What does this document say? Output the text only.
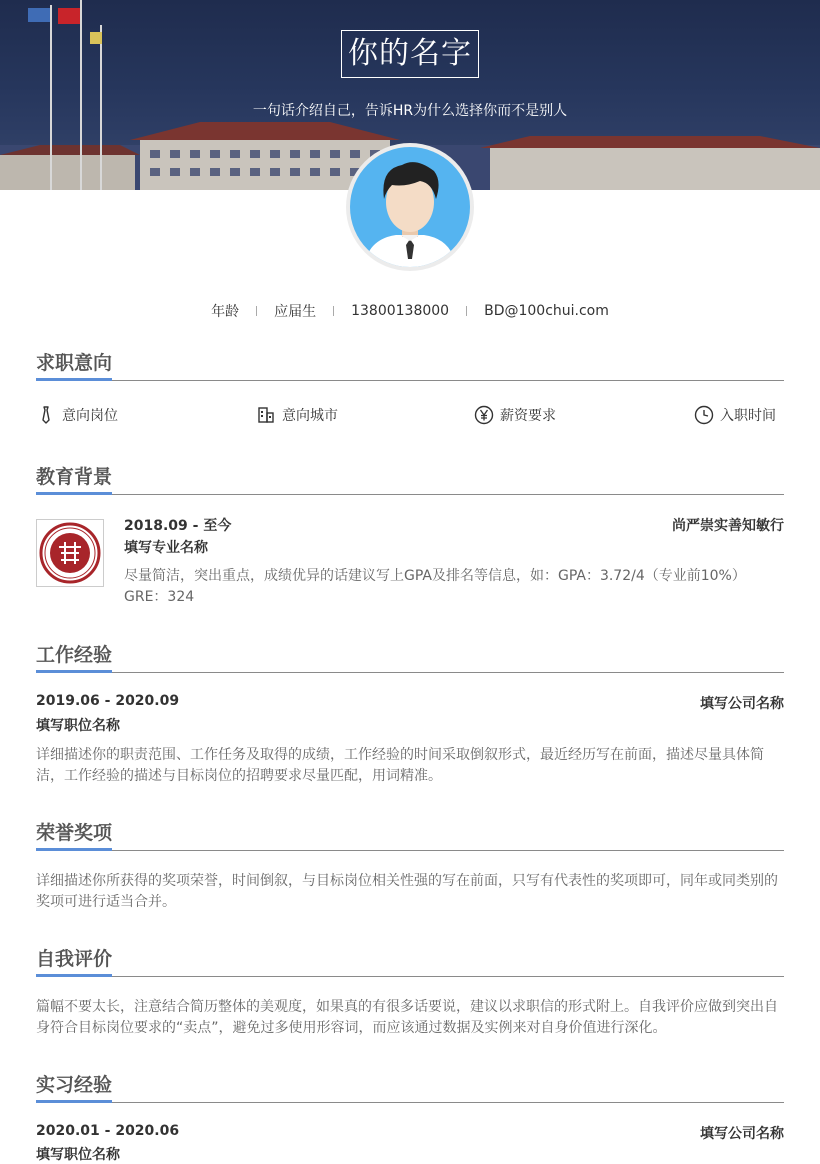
你的名字
一句话介绍自己，告诉HR为什么选择你而不是别人
年龄	应届生	13800138000	BD@100chui.com
求职意向
意向岗位	意向城市	薪资要求	入职时间
教育背景
2018.09 - 至今	尚严崇实善知敏行
填写专业名称
尽量简洁，突出重点，成绩优异的话建议写上GPA及排名等信息，如：GPA：3.72/4（专业前10%） GRE：324
工作经验
2019.06 - 2020.09	填写公司名称
填写职位名称
详细描述你的职责范围、工作任务及取得的成绩，工作经验的时间采取倒叙形式，最近经历写在前面，描述尽量具体简洁，工作经验的描述与目标岗位的招聘要求尽量匹配，用词精准。
荣誉奖项
详细描述你所获得的奖项荣誉，时间倒叙，与目标岗位相关性强的写在前面，只写有代表性的奖项即可，同年或同类别的奖项可进行适当合并。
自我评价
篇幅不要太长，注意结合简历整体的美观度，如果真的有很多话要说，建议以求职信的形式附上。自我评价应做到突出自身符合目标岗位要求的“卖点”，避免过多使用形容词，而应该通过数据及实例来对自身价值进行深化。
实习经验
2020.01 - 2020.06	填写公司名称
填写职位名称
